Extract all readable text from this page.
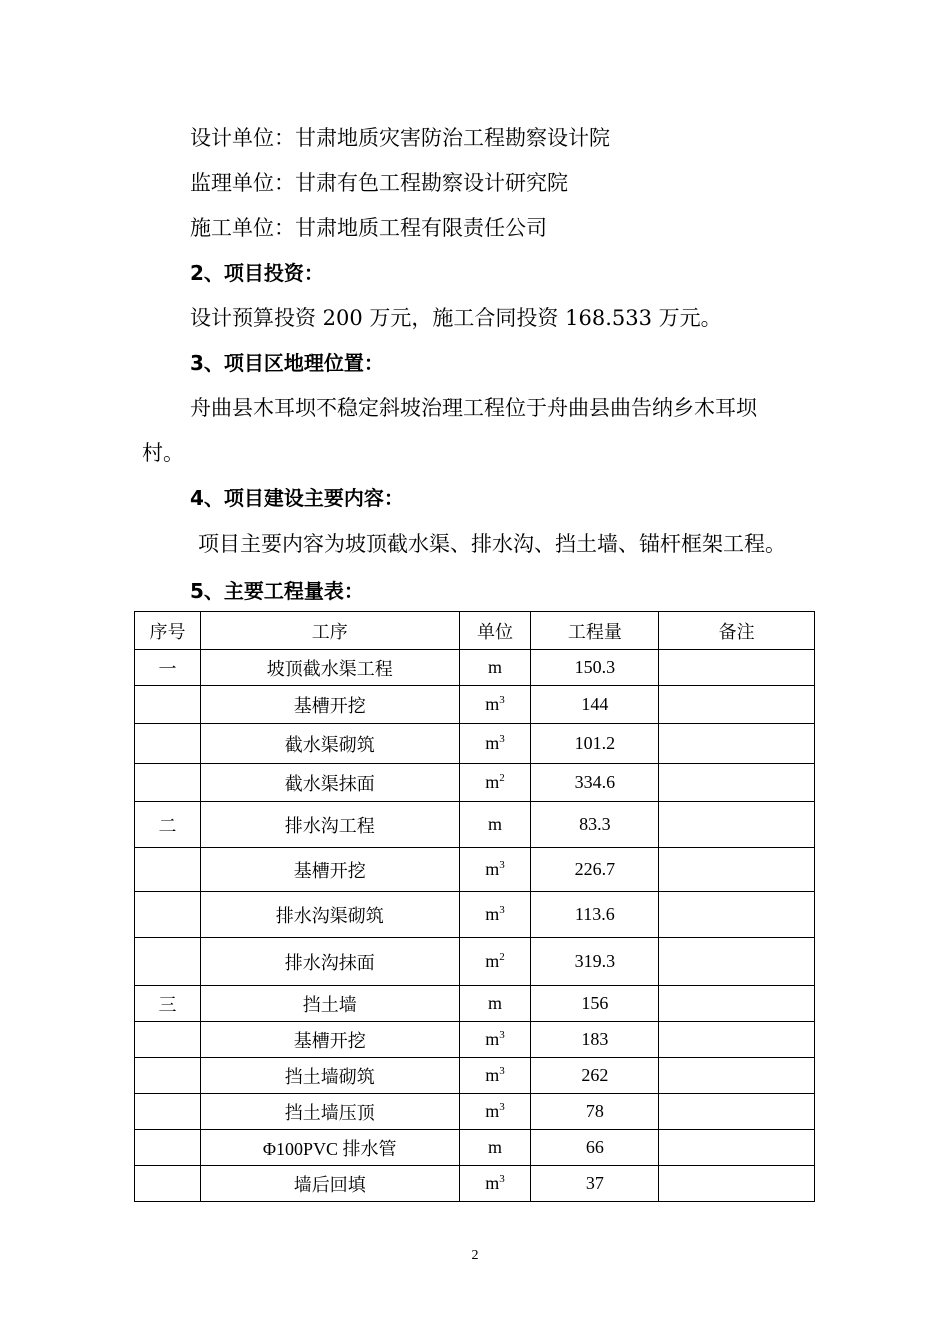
设计单位：甘肃地质灾害防治工程勘察设计院
监理单位：甘肃有色工程勘察设计研究院
施工单位：甘肃地质工程有限责任公司
2、项目投资：
设计预算投资 200 万元，施工合同投资 168.533 万元。
3、项目区地理位置：
舟曲县木耳坝不稳定斜坡治理工程位于舟曲县曲告纳乡木耳坝
村。
4、项目建设主要内容：
项目主要内容为坡顶截水渠、排水沟、挡土墙、锚杆框架工程。
5、主要工程量表：
序号	工序	单位	工程量	备注
一	坡顶截水渠工程	m	150.3	
	基槽开挖	$m^3$	144	
	截水渠砌筑	$m^3$	101.2	
	截水渠抹面	$m^2$	334.6	
二	排水沟工程	m	83.3	
	基槽开挖	$m^3$	226.7	
	排水沟渠砌筑	$m^3$	113.6	
	排水沟抹面	$m^2$	319.3	
三	挡土墙	m	156	
	基槽开挖	$m^3$	183	
	挡土墙砌筑	$m^3$	262	
	挡土墙压顶	$m^3$	78	
	Φ100PVC 排水管	m	66	
	墙后回填	$m^3$	37	
2
